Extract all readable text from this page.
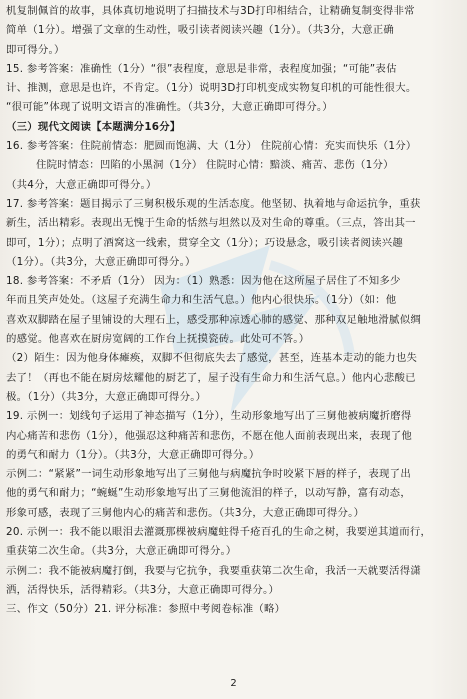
机复制佩首的故事，具体真切地说明了扫描技术与3D打印相结合，让精确复制变得非常
简单（1分）。增强了文章的生动性，吸引读者阅读兴趣（1分）。（共3分，大意正确
即可得分。）
15. 参考答案：准确性（1分）“很”表程度，意思是非常，表程度加强；“可能”表估
计、推测，意思是也许，不肯定。（1分）说明3D打印机变成实物复印机的可能性很大。
“很可能”体现了说明文语言的准确性。（共3分，大意正确即可得分。）
（三）现代文阅读【本题满分16分】
16. 参考答案：住院前情态：肥圆而饱满、大（1分） 住院前心情：充实而快乐（1分）
住院时情态：凹陷的小黑洞（1分） 住院时心情：黯淡、痛苦、悲伤（1分）
（共4分，大意正确即可得分。）
17. 参考答案：题目揭示了三舅积极乐观的生活态度。他坚韧、执着地与命运抗争，重获
新生，活出精彩。表现出无愧于生命的恬然与坦然以及对生命的尊重。（三点，答出其一
即可，1分）；点明了酒窝这一线索，贯穿全文（1分）；巧设悬念，吸引读者阅读兴趣
（1分）。（共3分，大意正确即可得分。）
18. 参考答案：不矛盾（1分） 因为：（1）熟悉：因为他在这所屋子居住了不知多少
年而且笑声处处。（这屋子充满生命力和生活气息。）他内心很快乐。（1分）（如：他
喜欢双脚踏在屋子里铺设的大理石上，感受那种凉透心肺的感觉、那种双足触地滑腻似绸
的感觉。他喜欢在厨房宽阔的工作台上抚摸瓷砖。此处可不答。）
（2）陌生：因为他身体瘫痪，双脚不但彻底失去了感觉，甚至，连基本走动的能力也失
去了！（再也不能在厨房炫耀他的厨艺了，屋子没有生命力和生活气息。）他内心悲酸已
极。（1分）（共3分，大意正确即可得分。）
19. 示例一：划线句子运用了神态描写（1分），生动形象地写出了三舅他被病魔折磨得
内心痛苦和悲伤（1分），他强忍这种痛苦和悲伤，不愿在他人面前表现出来，表现了他
的勇气和耐力（1分）。（共3分，大意正确即可得分。）
示例二：“紧紧”一词生动形象地写出了三舅他与病魔抗争时咬紧下唇的样子，表现了出
他的勇气和耐力；“蜿蜒”生动形象地写出了三舅他流泪的样子，以动写静，富有动态，
形象可感，表现了三舅他内心的痛苦和悲伤。（共3分，大意正确即可得分。）
20. 示例一：我不能以眼泪去灌溉那棵被病魔蛀得千疮百孔的生命之树，我要逆其道而行，
重获第二次生命。（共3分，大意正确即可得分。）
示例二：我不能被病魔打倒，我要与它抗争，我要重获第二次生命，我活一天就要活得潇
洒，活得快乐，活得精彩。（共3分，大意正确即可得分。）
三、作文（50分）21. 评分标准：参照中考阅卷标准（略）
2
